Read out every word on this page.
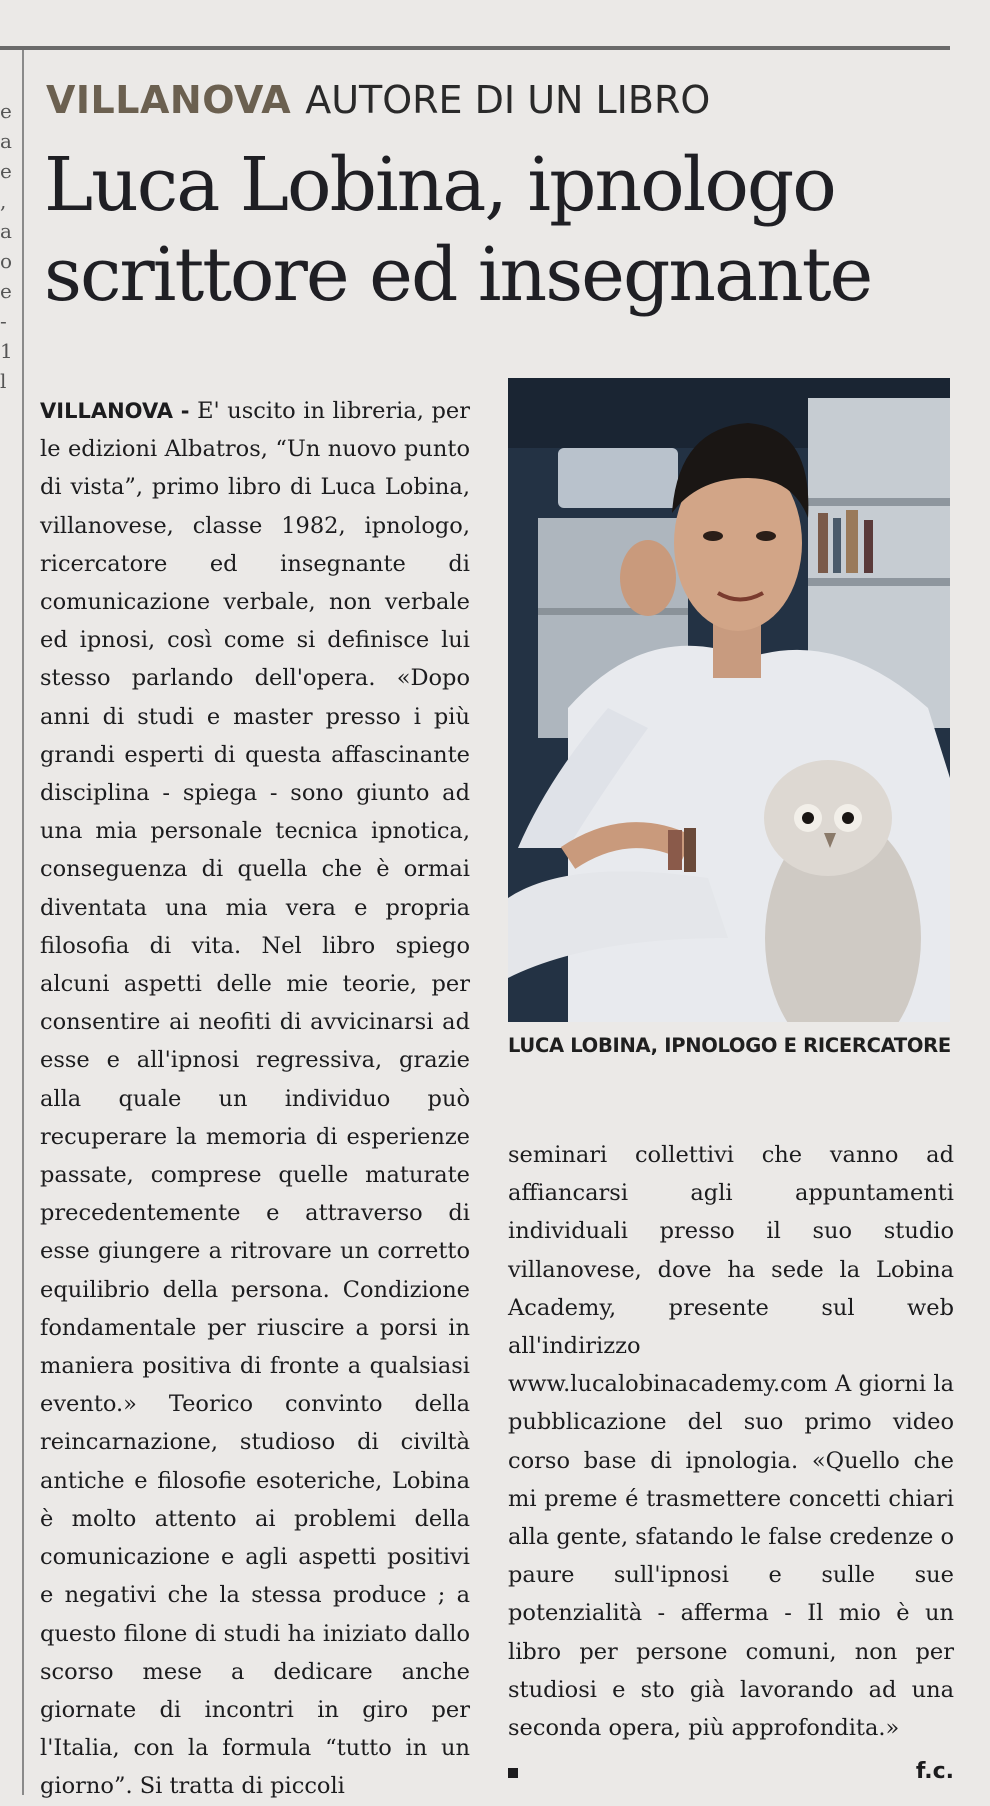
e
a
e
,
a
o
e
-
1
l
VILLANOVA AUTORE DI UN LIBRO
Luca Lobina, ipnologo
scrittore ed insegnante
VILLANOVA - E' uscito in libreria, per le edizioni Albatros, “Un nuovo punto di vista”, primo libro di Luca Lobina, villanovese, classe 1982, ipnologo, ricercatore ed insegnante di comunicazione verbale, non verbale ed ipnosi, così come si definisce lui stesso parlando dell'opera. «Dopo anni di studi e master presso i più grandi esperti di questa affascinante disciplina - spiega - sono giunto ad una mia personale tecnica ipnotica, conseguenza di quella che è ormai diventata una mia vera e propria filosofia di vita. Nel libro spiego alcuni aspetti delle mie teorie, per consentire ai neofiti di avvicinarsi ad esse e all'ipnosi regressiva, grazie alla quale un individuo può recuperare la memoria di esperienze passate, comprese quelle maturate precedentemente e attraverso di esse giungere a ritrovare un corretto equilibrio della persona. Condizione fondamentale per riuscire a porsi in maniera positiva di fronte a qualsiasi evento.» Teorico convinto della reincarnazione, studioso di civiltà antiche e filosofie esoteriche, Lobina è molto attento ai problemi della comunicazione e agli aspetti positivi e negativi che la stessa produce ; a questo filone di studi ha iniziato dallo scorso mese a dedicare anche giornate di incontri in giro per l'Italia, con la formula “tutto in un giorno”. Si tratta di piccoli
LUCA LOBINA, IPNOLOGO E RICERCATORE
seminari collettivi che vanno ad affiancarsi agli appuntamenti individuali presso il suo studio villanovese, dove ha sede la Lobina Academy, presente sul web all'indirizzo www.lucalobinacademy.com A giorni la pubblicazione del suo primo video corso base di ipnologia. «Quello che mi preme é trasmettere concetti chiari alla gente, sfatando le false credenze o paure sull'ipnosi e sulle sue potenzialità - afferma - Il mio è un libro per persone comuni, non per studiosi e sto già lavorando ad una seconda opera, più approfondita.»
f.c.
